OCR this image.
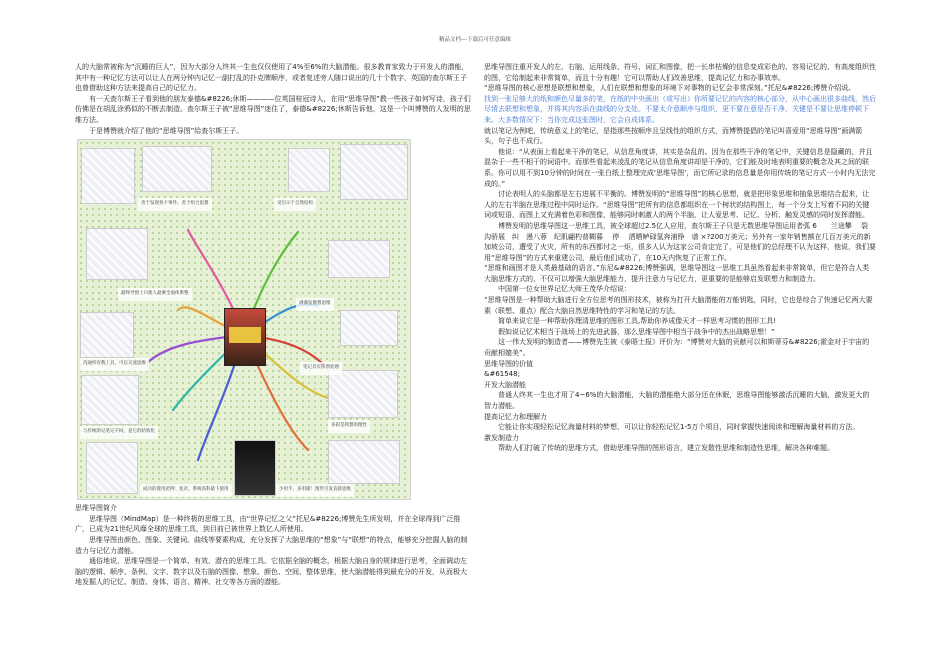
精品文档---下载后可任意编辑

人的大脑常被称为“沉睡的巨人”，因为大部分人终其一生也仅仅使用了4%至6%的大脑潜能。很多教育家致力于开发人的潜能，其中有一种记忆方法可以让人在两分钟内记忆一副打乱的扑克牌顺序，或者复述旁人随口说出的几十个数字，英国的查尔斯王子也曾借助这种方法来提高自己的记忆力。

有一天查尔斯王子看到他的朋友泰德&#8226;休斯————位英国桂冠诗人，在用“思维导图”教一些孩子如何写诗，孩子们仿佛是在胡乱涂鸦似的不断去制造。查尔斯王子被“思维导图”迷住了，泰德&#8226;休斯告诉他，这是一个叫博赞的人发明的思维方法。

于是博赞就介绍了他的“思维导图”给查尔斯王子。

善于发现各个事件、善于组合思想	受启示于自然结构
最终导图上只使人最乘全面体系整
满满发散想思维
沟通所有数工具，可以交流思维
笔记具有挥别处理
多彩是我想的理性
与传统的记笔记不同，是它的结构化
成功的使用范例：复杂、系统高科最下使用	少用手，多用眼！图形引发直接思维

思维导图简介

思维导图（MindMap）是一种终极的思维工具，由“世界记忆之父”托尼&#8226;博赞先生所发明，并在全球得到广泛推广，已成为21世纪风靡全球的思维工具，到目前已被世界上数亿人所使用。

思维导图由颜色、图象、关键词、曲线等要素构成，充分发挥了大脑思维的“想象”与“联想”的特点，能够充分挖掘人脑的制造力与记忆力潜能。

通俗地说，思维导图是一个简单、有效、潜在的思维工具。它依据全脑的概念，根据大脑自身的规律进行思考，全面调动左脑的逻辑、顺序、条例、文字、数字以及右脑的图像、想象、颜色、空间、整体思维，使大脑潜能得到最充分的开发，从而极大地发掘人的记忆、制造、身体、语言、精神、社交等各方面的潜能。

思维导图注重开发人的左、右脑，运用线条、符号、词汇和图像，把一长串枯燥的信息变成彩色的、容易记忆的、有高度组织性的图，它给制起来非常简单，而且十分有趣！它可以帮助人们改善思维，提高记忆力和办事效率。

“思维导图的核心思想是联想和想象，人们在联想和想象的环境下对事物的记忆会非常深刻。”托尼&#8226;博赞介绍说。

找到一张足够大的纸和颜色尽量多的笔，在纸的中央画出（或写出）你所要记忆的内容的核心部分，从中心画出很多曲线，然后尽情去联想和想象，并将其内容添在曲线的分支处。不要太介意顺序与组织，更不要在意是否干净，关键是不要让思维停顿下来。大多数情况下：当你完成这张图时，它会自成体系。

就以笔记为例吧，传统意义上的笔记，是指那些按顺序且呈线性的组织方式，而博赞提倡的笔记叫喜爱用“思维导图”画满箭头，句子也不成行。

他说：“从表面上看起来干净的笔记，从信息角度讲，其实是杂乱的。因为在那些干净的笔记中，关键信息是隐藏的，并且混杂于一些不相干的词语中。而那些看起来凌乱的笔记从信息角度讲却是干净的，它们能及时地表明重要的概念及其之间的联系。你可以用不到10分钟的时间在一张白纸上整理完成‘思维导图’，而它所记录的信息量是你用传统的笔记方式一小时内无法完成的。”

讨论表明人的头脑都是左右进展不平衡的。博赞发明的“思维导图”的核心思想，就是把形象思维和抽象思维结合起来，让人的左右半脑在思维过程中同时运作。“思维导图”把所有的信息都组织在一个树状的结构图上，每一个分支上写着不同的关键词或短语，而图上又充满着色彩和图像，能够同时刺激人的两个半脑，让人爱思考、记忆、分析、触发灵感的同时发挥潜能。

博赞发明的思维导图这一思维工具，被全球超过2.5亿人应用，查尔斯王子只是无数思维导图运用者弧 6　　兰途攀　 裂　　沟骄展　纠　漫八蓉　纪肌翩杓普糊暮　 停　 洒晒鲈碌氢奔浦铮　谱 ×?200万美元；另外有一家年销售额在几百万美元的新加坡公司，遭受了火灾，所有的东西都付之一炬，很多人认为这家公司肯定完了，可是他们的总经理不认为这样，他说，我们要用“思维导图”的方式来重建公司，最后他们成功了，在10天内恢复了正常工作。

“思维和画图才是人类最基础的语言。”东尼&#8226;博赞强调，思维导图这一思维工具虽然看起来非常简单，但它是符合人类大脑思维方式的，不仅可以增强大脑思维能力，提升注意力与记忆力，更重要的是能够启发联想力和制造力。

中国第一位女世界记忆大师王茂华介绍说：

“思维导图是一种帮助大脑进行全方位思考的图形技术，被称为打开大脑潜能的万能钥匙，同时，它也是综合了快速记忆两大要素（联想、重点）配合大脑自然思维特性的学习和笔记的方法。

简单来说它是一种帮助你理清思维的图形工具,帮助你养成像天才一样思考习惯的图形工具!

假如说记忆术相当于战场上的先进武器，那么思维导图中相当于战争中的杰出战略思想！”

这一伟大发明的制造者——博赞先生被《泰晤士报》评价为：“博赞对大脑的贡献可以和斯蒂芬&#8226;霍金对于宇宙的贡献相媲美”。

思维导图的价值

&#61548;

开发大脑潜能

普通人终其一生也才用了4~6%的大脑潜能，大脑的潜能绝大部分还在休眠，思维导图能够激活沉睡的大脑，激发更大的智力潜能。

提高记忆力和理解力

它能让你实现轻松记忆海量材料的梦想，可以让你轻松记忆1-5万个项目，同时掌握快速阅读和理解海量材料的方法。

激发制造力

帮助人们打破了传统的思维方式，借助思维导图的图形语言，建立发散性思维和制造性思维，解决各种难题。
